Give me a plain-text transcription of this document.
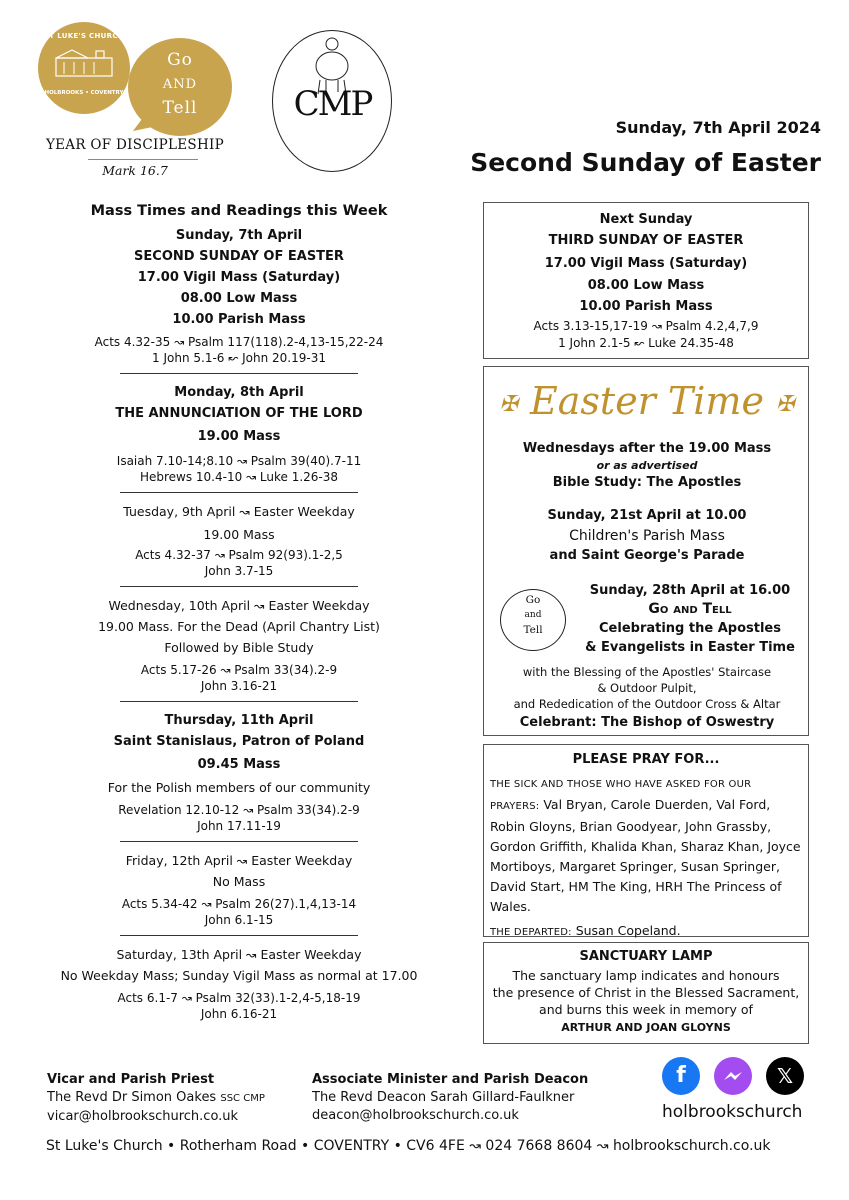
ST LUKE'S CHURCH
HOLBROOKS • COVENTRY
Go
AND
Tell
YEAR OF DISCIPLESHIP
Mark 16.7
CMP
Sunday, 7th April 2024
Second Sunday of Easter

Mass Times and Readings this Week

Sunday, 7th April

SECOND SUNDAY OF EASTER

17.00 Vigil Mass (Saturday)

08.00 Low Mass

10.00 Parish Mass

Acts 4.32-35 ↝ Psalm 117(118).2-4,13-15,22-24

1 John 5.1-6 ↜ John 20.19-31

Monday, 8th April

THE ANNUNCIATION OF THE LORD

19.00 Mass

Isaiah 7.10-14;8.10 ↝ Psalm 39(40).7-11

Hebrews 10.4-10 ↝ Luke 1.26-38

Tuesday, 9th April ↝ Easter Weekday

19.00 Mass

Acts 4.32-37 ↝ Psalm 92(93).1-2,5

John 3.7-15

Wednesday, 10th April ↝ Easter Weekday

19.00 Mass. For the Dead (April Chantry List)

Followed by Bible Study

Acts 5.17-26 ↝ Psalm 33(34).2-9

John 3.16-21

Thursday, 11th April

Saint Stanislaus, Patron of Poland

09.45 Mass

For the Polish members of our community

Revelation 12.10-12 ↝ Psalm 33(34).2-9

John 17.11-19

Friday, 12th April ↝ Easter Weekday

No Mass

Acts 5.34-42 ↝ Psalm 26(27).1,4,13-14

John 6.1-15

Saturday, 13th April ↝ Easter Weekday

No Weekday Mass; Sunday Vigil Mass as normal at 17.00

Acts 6.1-7 ↝ Psalm 32(33).1-2,4-5,18-19

John 6.16-21

Next Sunday

THIRD SUNDAY OF EASTER

17.00 Vigil Mass (Saturday)

08.00 Low Mass

10.00 Parish Mass

Acts 3.13-15,17-19 ↝ Psalm 4.2,4,7,9

1 John 2.1-5 ↜ Luke 24.35-48

✠ Easter Time ✠

Wednesdays after the 19.00 Mass

or as advertised

Bible Study: The Apostles

Sunday, 21st April at 10.00

Children's Parish Mass

and Saint George's Parade

Go
and
Tell

Sunday, 28th April at 16.00

Go and Tell

Celebrating the Apostles

& Evangelists in Easter Time

with the Blessing of the Apostles' Staircase

& Outdoor Pulpit,

and Rededication of the Outdoor Cross & Altar

Celebrant: The Bishop of Oswestry

PLEASE PRAY FOR...

THE SICK AND THOSE WHO HAVE ASKED FOR OUR PRAYERS: Val Bryan, Carole Duerden, Val Ford, Robin Gloyns, Brian Goodyear, John Grassby, Gordon Griffith, Khalida Khan, Sharaz Khan, Joyce Mortiboys, Margaret Springer, Susan Springer, David Start, HM The King, HRH The Princess of Wales.

THE DEPARTED: Susan Copeland.

SANCTUARY LAMP

The sanctuary lamp indicates and honours

the presence of Christ in the Blessed Sacrament,

and burns this week in memory of

ARTHUR AND JOAN GLOYNS

Vicar and Parish Priest
The Revd Dr Simon Oakes SSC CMP
vicar@holbrookschurch.co.uk
Associate Minister and Parish Deacon
The Revd Deacon Sarah Gillard-Faulkner
deacon@holbrookschurch.co.uk
f	𝕏
holbrookschurch
St Luke's Church • Rotherham Road • COVENTRY • CV6 4FE ↝ 024 7668 8604 ↝ holbrookschurch.co.uk
